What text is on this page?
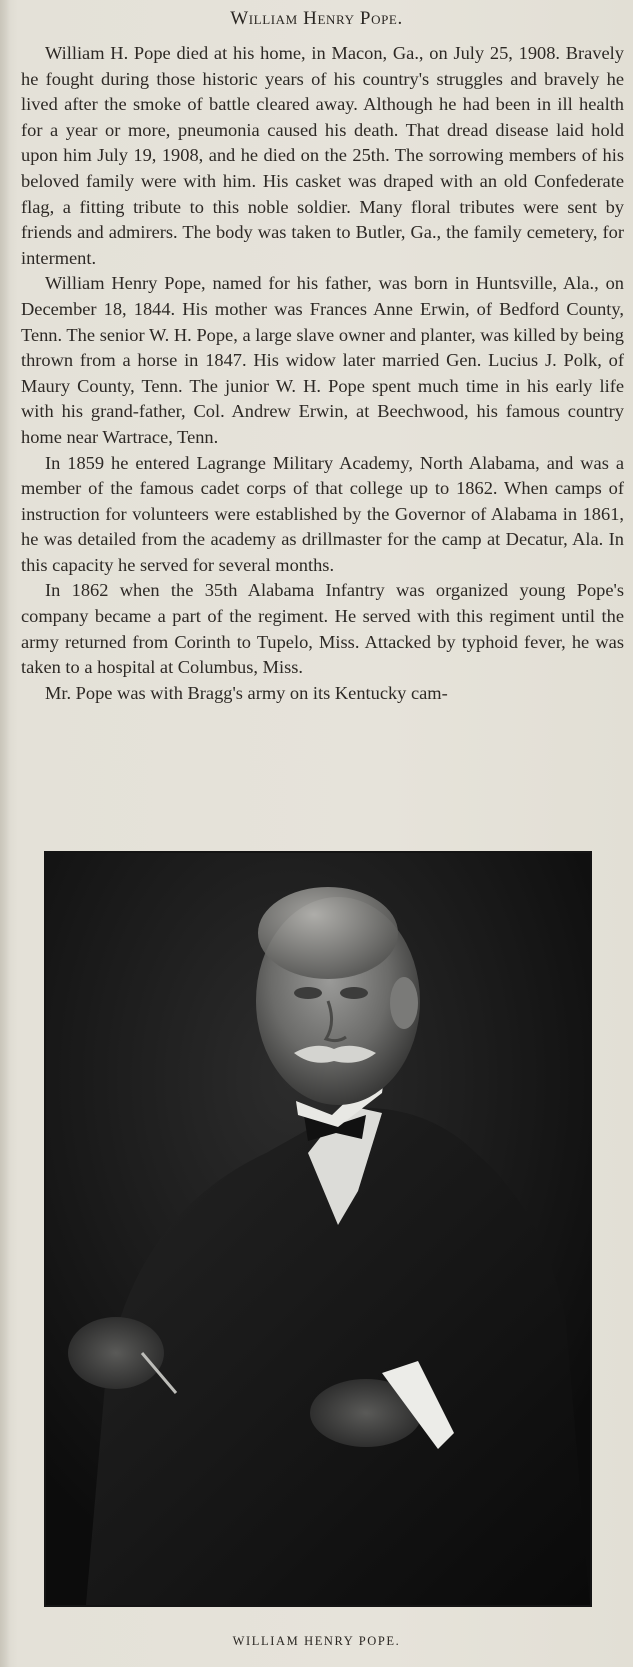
William Henry Pope.

William H. Pope died at his home, in Macon, Ga., on July 25, 1908. Bravely he fought during those historic years of his country's struggles and bravely he lived after the smoke of battle cleared away. Although he had been in ill health for a year or more, pneumonia caused his death. That dread disease laid hold upon him July 19, 1908, and he died on the 25th. The sorrowing members of his beloved family were with him. His casket was draped with an old Confederate flag, a fitting tribute to this noble soldier. Many floral tributes were sent by friends and admirers. The body was taken to Butler, Ga., the family cemetery, for interment.

William Henry Pope, named for his father, was born in Huntsville, Ala., on December 18, 1844. His mother was Frances Anne Erwin, of Bedford County, Tenn. The senior W. H. Pope, a large slave owner and planter, was killed by being thrown from a horse in 1847. His widow later married Gen. Lucius J. Polk, of Maury County, Tenn. The junior W. H. Pope spent much time in his early life with his grand-father, Col. Andrew Erwin, at Beechwood, his famous country home near Wartrace, Tenn.

In 1859 he entered Lagrange Military Academy, North Alabama, and was a member of the famous cadet corps of that college up to 1862. When camps of instruction for volunteers were established by the Governor of Alabama in 1861, he was detailed from the academy as drillmaster for the camp at Decatur, Ala. In this capacity he served for several months.

In 1862 when the 35th Alabama Infantry was organized young Pope's company became a part of the regiment. He served with this regiment until the army returned from Corinth to Tupelo, Miss. Attacked by typhoid fever, he was taken to a hospital at Columbus, Miss.

Mr. Pope was with Bragg's army on its Kentucky cam-

WILLIAM HENRY POPE.
